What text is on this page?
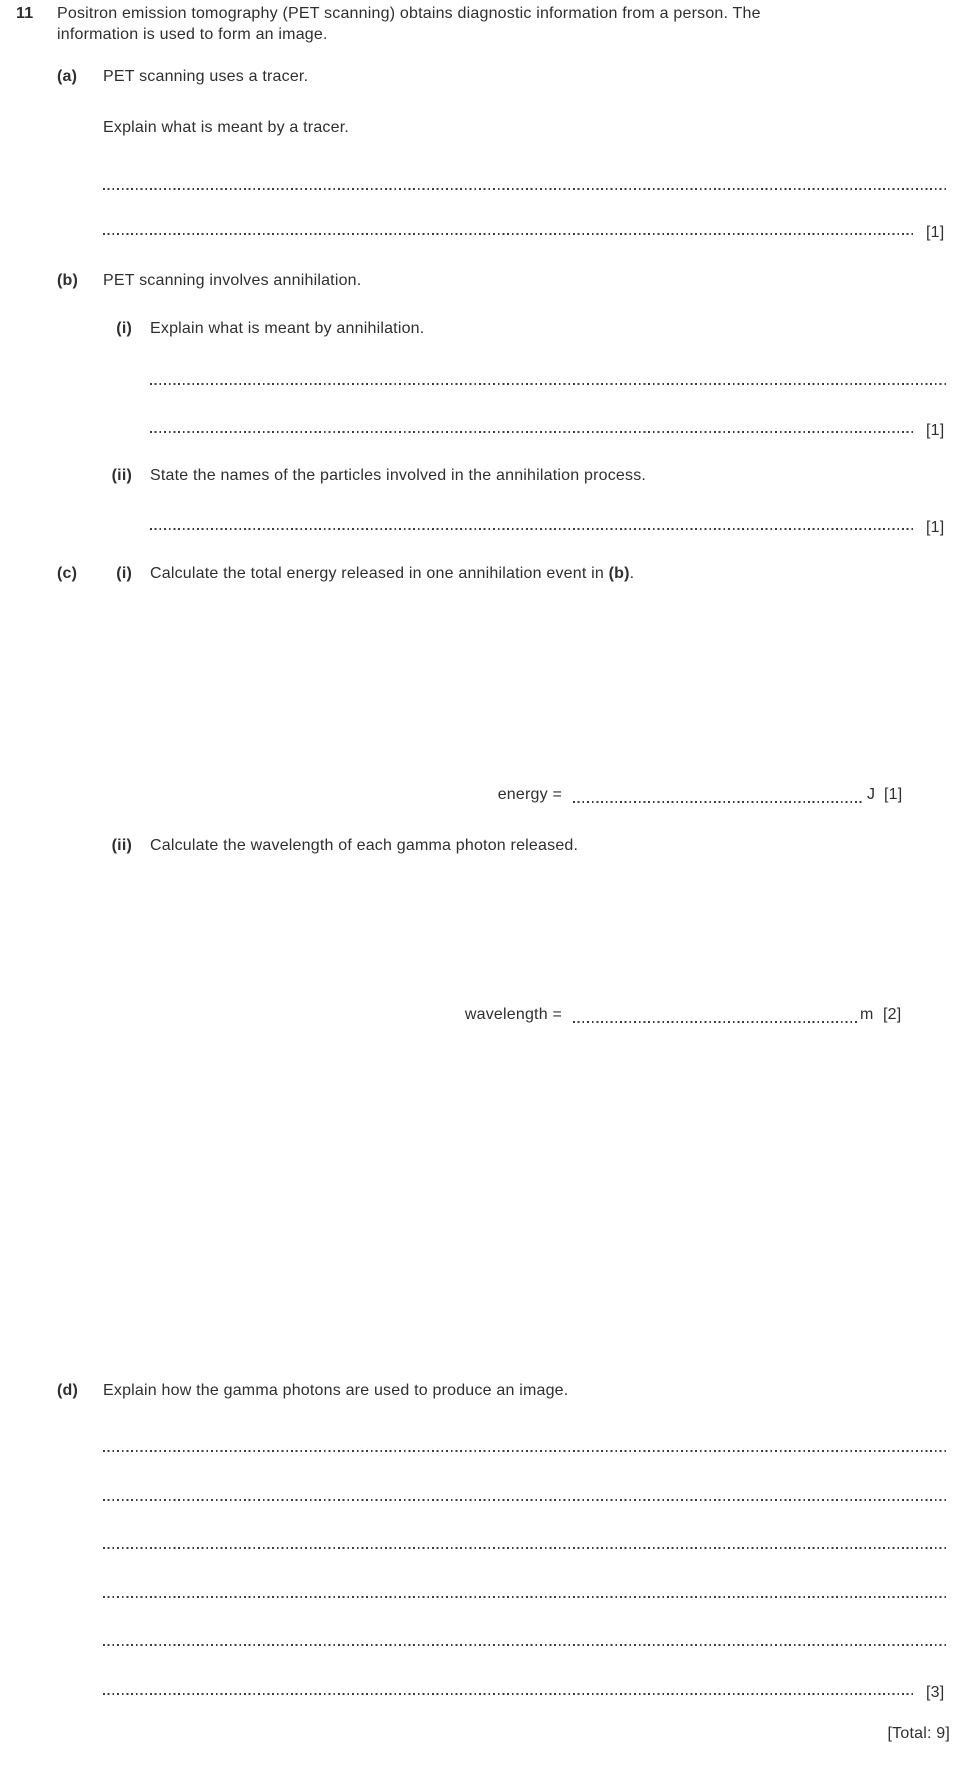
11 Positron emission tomography (PET scanning) obtains diagnostic information from a person. The
information is used to form an image.
(a) PET scanning uses a tracer.
Explain what is meant by a tracer.
[1]
(b) PET scanning involves annihilation.
(i) Explain what is meant by annihilation.
[1]
(ii) State the names of the particles involved in the annihilation process.
[1]
(c)	(i) Calculate the total energy released in one annihilation event in (b).
energy =	J [1]
(ii) Calculate the wavelength of each gamma photon released.
wavelength =	m [2]
(d) Explain how the gamma photons are used to produce an image.
[3]
[Total: 9]
